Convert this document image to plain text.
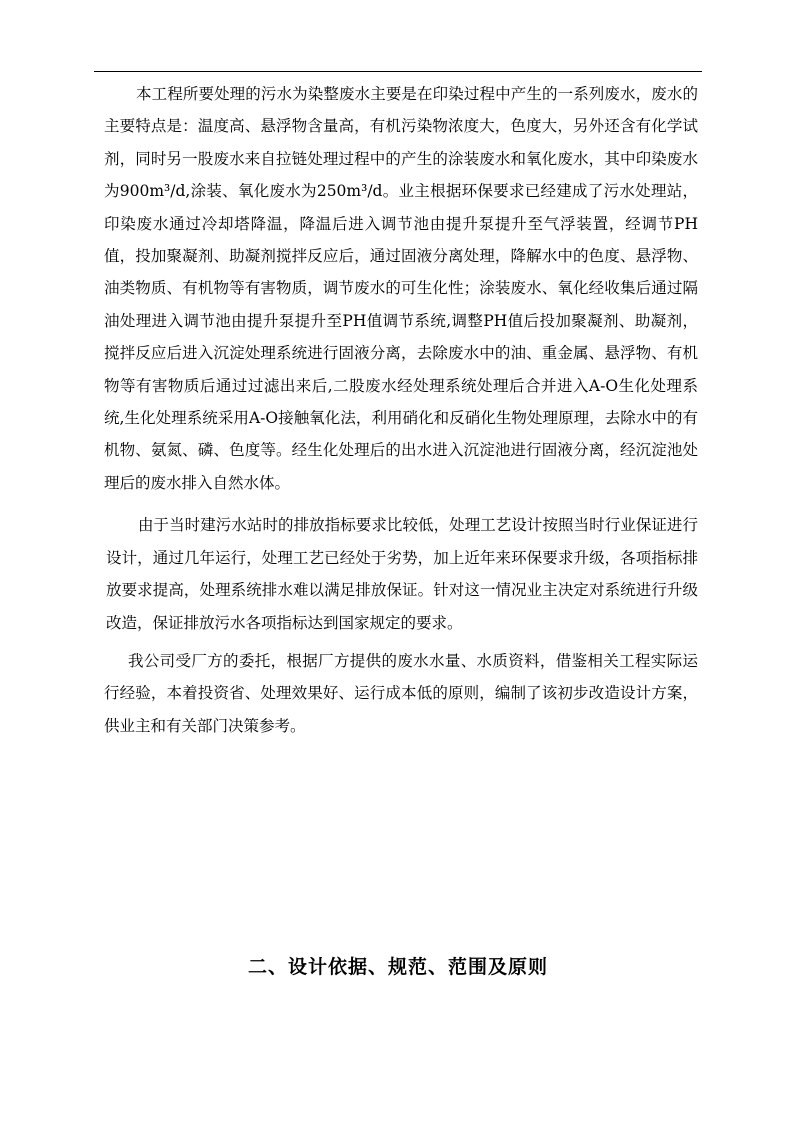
本工程所要处理的污水为染整废水主要是在印染过程中产生的一系列废水，废水的主要特点是：温度高、悬浮物含量高，有机污染物浓度大，色度大，另外还含有化学试剂，同时另一股废水来自拉链处理过程中的产生的涂装废水和氧化废水，其中印染废水为900m³/d,涂装、氧化废水为250m³/d。业主根据环保要求已经建成了污水处理站，印染废水通过冷却塔降温，降温后进入调节池由提升泵提升至气浮装置，经调节PH值，投加聚凝剂、助凝剂搅拌反应后，通过固液分离处理，降解水中的色度、悬浮物、油类物质、有机物等有害物质，调节废水的可生化性；涂装废水、氧化经收集后通过隔油处理进入调节池由提升泵提升至PH值调节系统,调整PH值后投加聚凝剂、助凝剂，搅拌反应后进入沉淀处理系统进行固液分离，去除废水中的油、重金属、悬浮物、有机物等有害物质后通过过滤出来后,二股废水经处理系统处理后合并进入A-O生化处理系统,生化处理系统采用A-O接触氧化法，利用硝化和反硝化生物处理原理，去除水中的有机物、氨氮、磷、色度等。经生化处理后的出水进入沉淀池进行固液分离，经沉淀池处理后的废水排入自然水体。

由于当时建污水站时的排放指标要求比较低，处理工艺设计按照当时行业保证进行设计，通过几年运行，处理工艺已经处于劣势，加上近年来环保要求升级，各项指标排放要求提高，处理系统排水难以满足排放保证。针对这一情况业主决定对系统进行升级改造，保证排放污水各项指标达到国家规定的要求。

我公司受厂方的委托，根据厂方提供的废水水量、水质资料，借鉴相关工程实际运行经验，本着投资省、处理效果好、运行成本低的原则，编制了该初步改造设计方案，供业主和有关部门决策参考。

二、设计依据、规范、范围及原则
